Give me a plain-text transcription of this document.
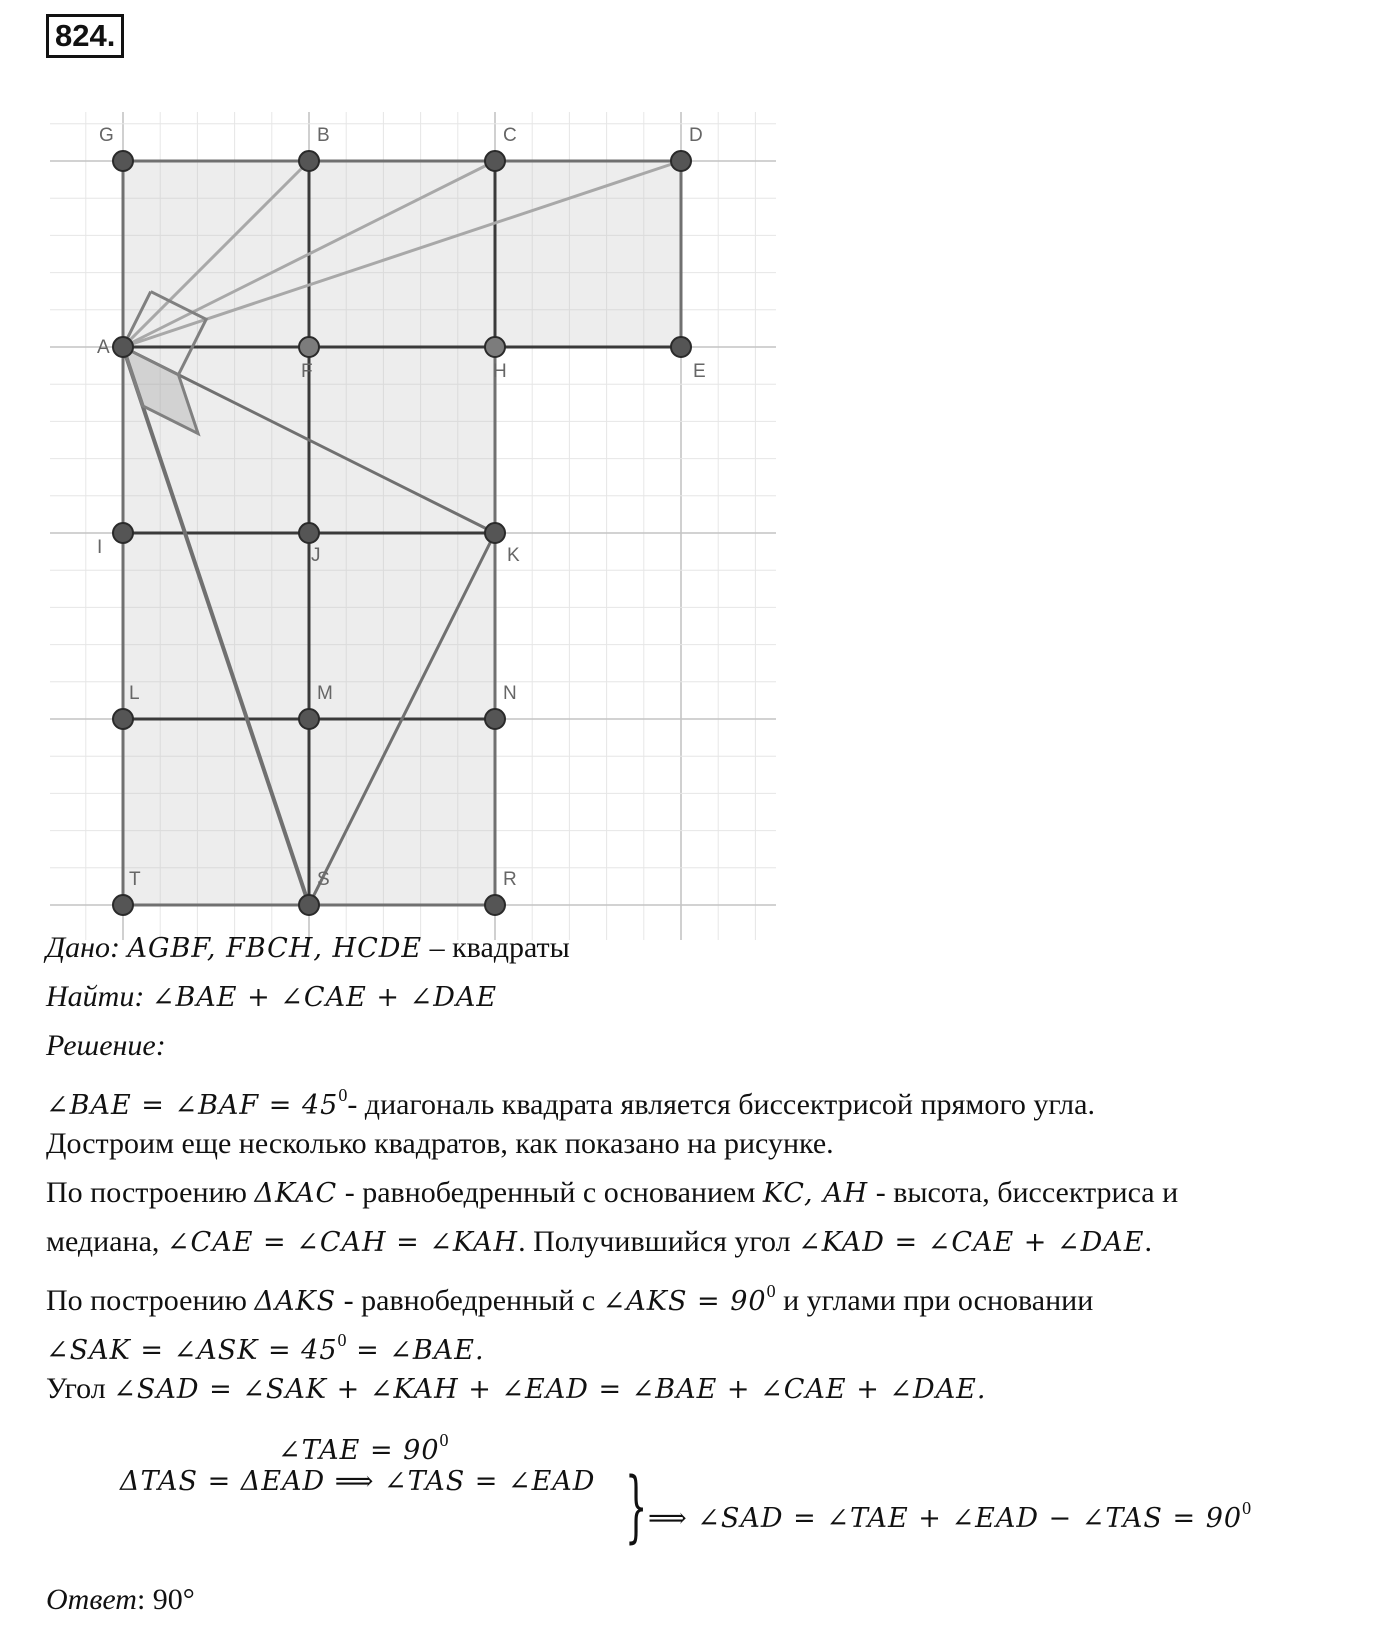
824.
G	B	C	D
A
F	H	E
I	J	K
L	M	N
T	S	R
Дано: AGBF, FBCH, HCDE – квадраты
Найти: ∠BAE + ∠CAE + ∠DAE
Решение:
∠BAE = ∠BAF = $45^0-$ диагональ квадрата является биссектрисой прямого угла.
Достроим еще несколько квадратов, как показано на рисунке.
По построению ΔKAC - равнобедренный с основанием KC, AH - высота, биссектриса и
медиана, ∠CAE = ∠CAH = ∠KAH. Получившийся угол ∠KAD = ∠CAE + ∠DAE.
По построению ΔAKS - равнобедренный с ∠AKS = $90^0$ и углами при основании
∠SAK = ∠ASK = $45^0$ = ∠BAE.
Угол ∠SAD = ∠SAK + ∠KAH + ∠EAD = ∠BAE + ∠CAE + ∠DAE.
∠TAE = $90^0$
ΔTAS = ΔEAD ⟹ ∠TAS = ∠EAD } ⟹ ∠SAD = ∠TAE + ∠EAD − ∠TAS = $90^0$
Ответ: 90°
